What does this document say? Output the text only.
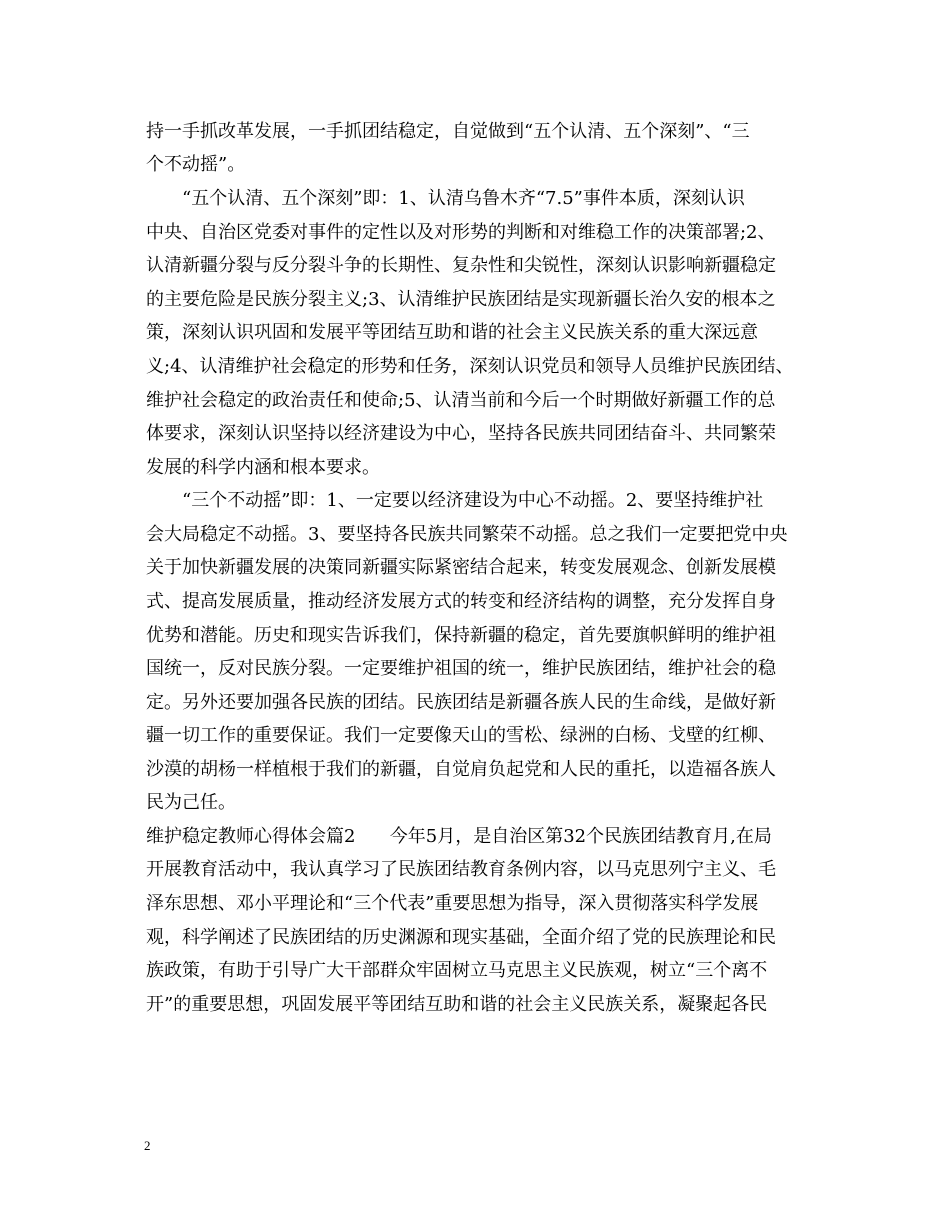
持一手抓改革发展，一手抓团结稳定，自觉做到“五个认清、五个深刻”、“三
个不动摇”。
“五个认清、五个深刻”即：1、认清乌鲁木齐“7.5”事件本质，深刻认识
中央、自治区党委对事件的定性以及对形势的判断和对维稳工作的决策部署;2、
认清新疆分裂与反分裂斗争的长期性、复杂性和尖锐性，深刻认识影响新疆稳定
的主要危险是民族分裂主义;3、认清维护民族团结是实现新疆长治久安的根本之
策，深刻认识巩固和发展平等团结互助和谐的社会主义民族关系的重大深远意
义;4、认清维护社会稳定的形势和任务，深刻认识党员和领导人员维护民族团结、
维护社会稳定的政治责任和使命;5、认清当前和今后一个时期做好新疆工作的总
体要求，深刻认识坚持以经济建设为中心，坚持各民族共同团结奋斗、共同繁荣
发展的科学内涵和根本要求。
“三个不动摇”即：1、一定要以经济建设为中心不动摇。2、要坚持维护社
会大局稳定不动摇。3、要坚持各民族共同繁荣不动摇。总之我们一定要把党中央
关于加快新疆发展的决策同新疆实际紧密结合起来，转变发展观念、创新发展模
式、提高发展质量，推动经济发展方式的转变和经济结构的调整，充分发挥自身
优势和潜能。历史和现实告诉我们，保持新疆的稳定，首先要旗帜鲜明的维护祖
国统一，反对民族分裂。一定要维护祖国的统一，维护民族团结，维护社会的稳
定。另外还要加强各民族的团结。民族团结是新疆各族人民的生命线，是做好新
疆一切工作的重要保证。我们一定要像天山的雪松、绿洲的白杨、戈壁的红柳、
沙漠的胡杨一样植根于我们的新疆，自觉肩负起党和人民的重托，以造福各族人
民为己任。
维护稳定教师心得体会篇2      今年5月，是自治区第32个民族团结教育月,在局
开展教育活动中，我认真学习了民族团结教育条例内容，以马克思列宁主义、毛
泽东思想、邓小平理论和“三个代表”重要思想为指导，深入贯彻落实科学发展
观，科学阐述了民族团结的历史渊源和现实基础，全面介绍了党的民族理论和民
族政策，有助于引导广大干部群众牢固树立马克思主义民族观，树立“三个离不
开”的重要思想，巩固发展平等团结互助和谐的社会主义民族关系，凝聚起各民
2
